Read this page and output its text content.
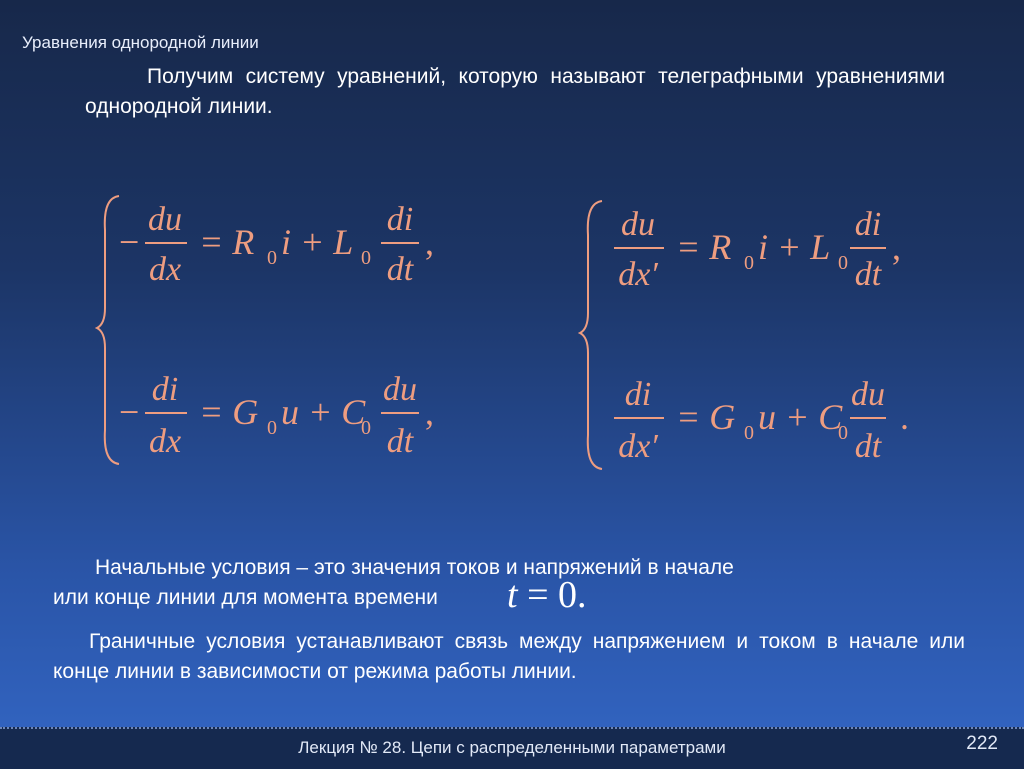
Уравнения однородной линии
Получим систему уравнений, которую называют телеграфными уравнениями однородной линии.
−
du
dx
= R 0 i + L 0
di
dt
,
−
di
dx
= G 0 u + C
0
du
dt
,
du
dx′
= R 0 i + L 0
di
dt
,
di
dx′
= G 0 u + C
0
du
dt
.
Начальные условия – это значения токов и напряжений в начале
или конце линии для момента времени	t = 0.
Граничные условия устанавливают связь между напряжением и током в начале или конце линии в зависимости от режима работы линии.
Лекция № 28. Цепи с распределенными параметрами	222
